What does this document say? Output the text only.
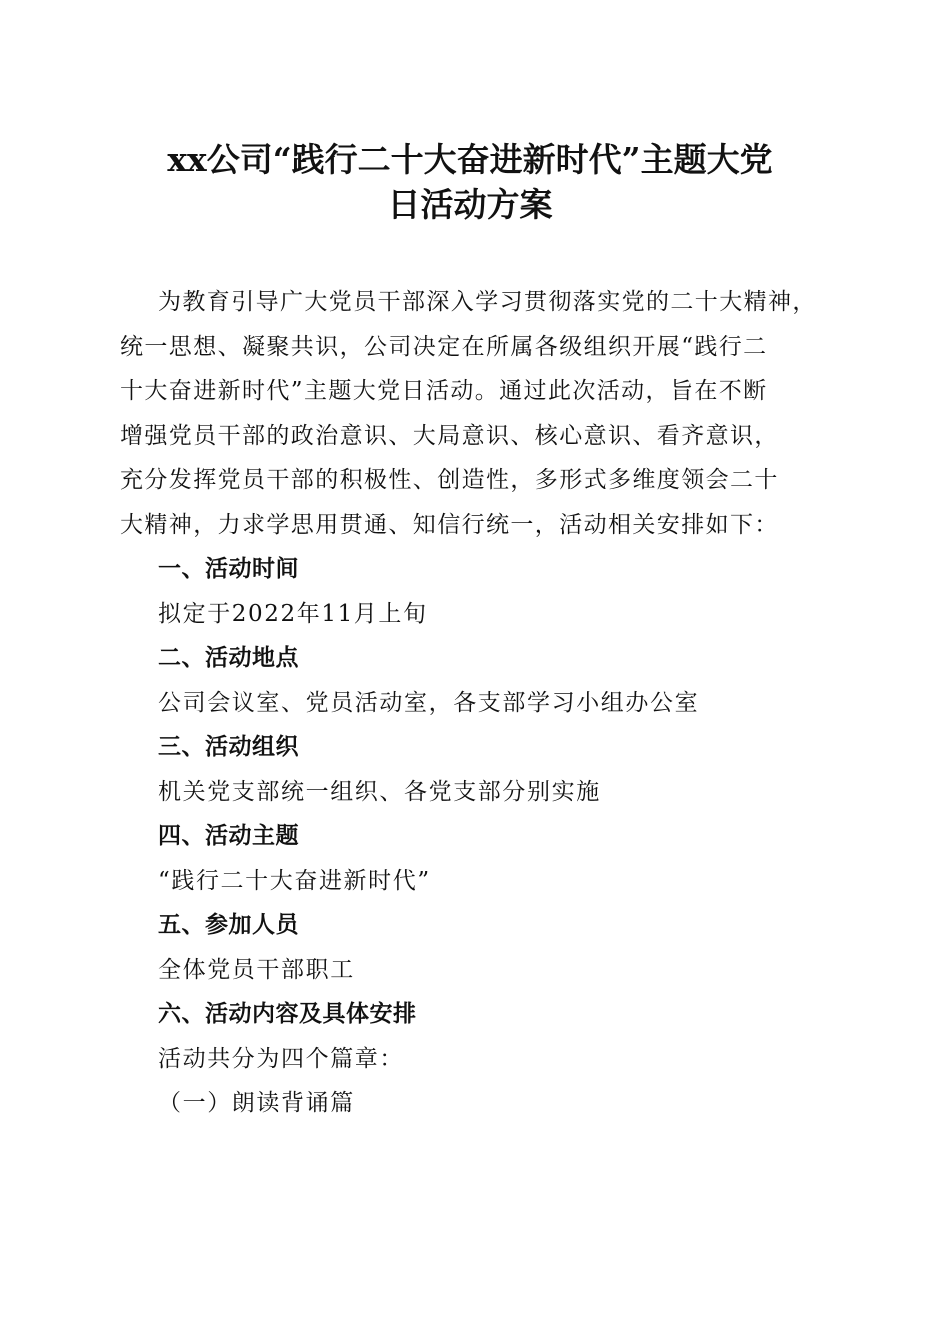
xx公司“践行二十大奋进新时代”主题大党
日活动方案
为教育引导广大党员干部深入学习贯彻落实党的二十大精神，
统一思想、凝聚共识，公司决定在所属各级组织开展“践行二
十大奋进新时代”主题大党日活动。通过此次活动，旨在不断
增强党员干部的政治意识、大局意识、核心意识、看齐意识，
充分发挥党员干部的积极性、创造性，多形式多维度领会二十
大精神，力求学思用贯通、知信行统一，活动相关安排如下：
一、活动时间
拟定于2022年11月上旬
二、活动地点
公司会议室、党员活动室，各支部学习小组办公室
三、活动组织
机关党支部统一组织、各党支部分别实施
四、活动主题
“践行二十大奋进新时代”
五、参加人员
全体党员干部职工
六、活动内容及具体安排
活动共分为四个篇章：
（一）朗读背诵篇
